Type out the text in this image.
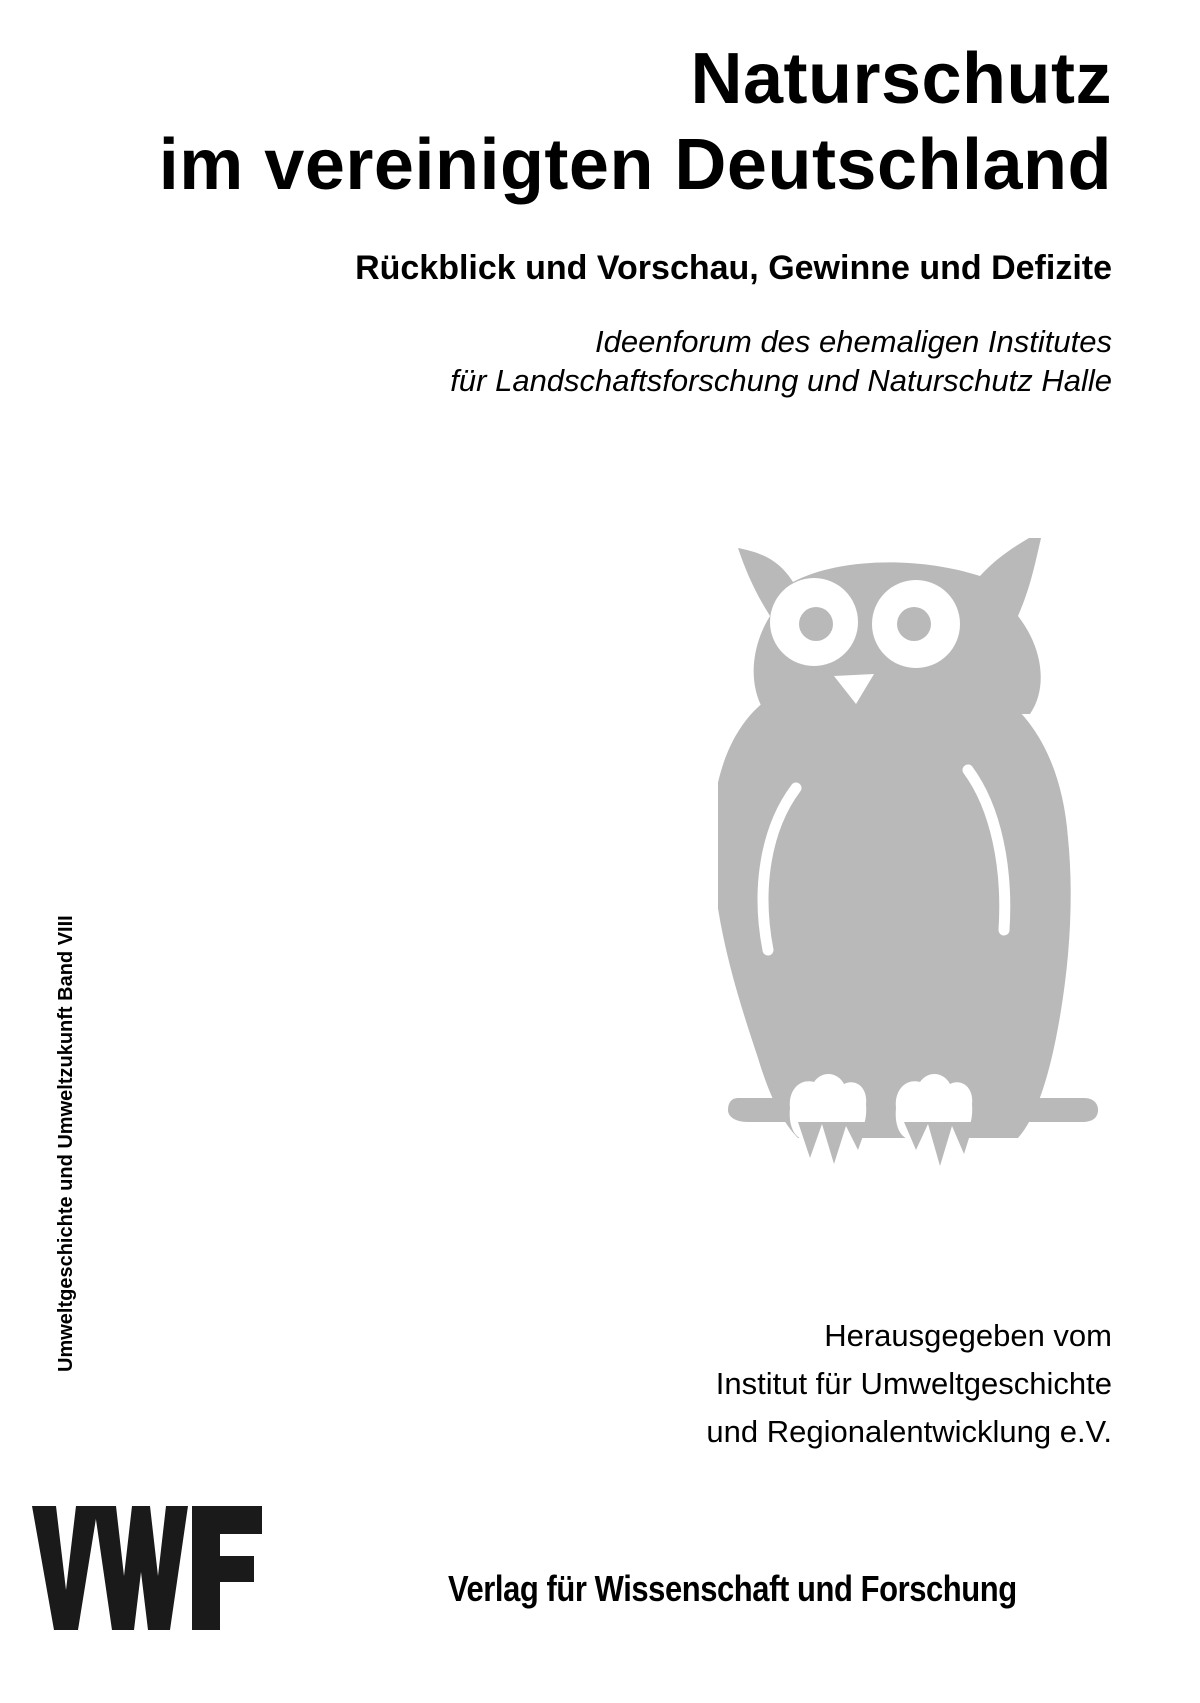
Naturschutz
im vereinigten Deutschland

Rückblick und Vorschau, Gewinne und Defizite

Ideenforum des ehemaligen Institutes
für Landschaftsforschung und Naturschutz Halle

Umweltgeschichte und Umweltzukunft Band VIII	Herausgegeben vom
Institut für Umweltgeschichte
und Regionalentwicklung e.V.

Verlag für Wissenschaft und Forschung
